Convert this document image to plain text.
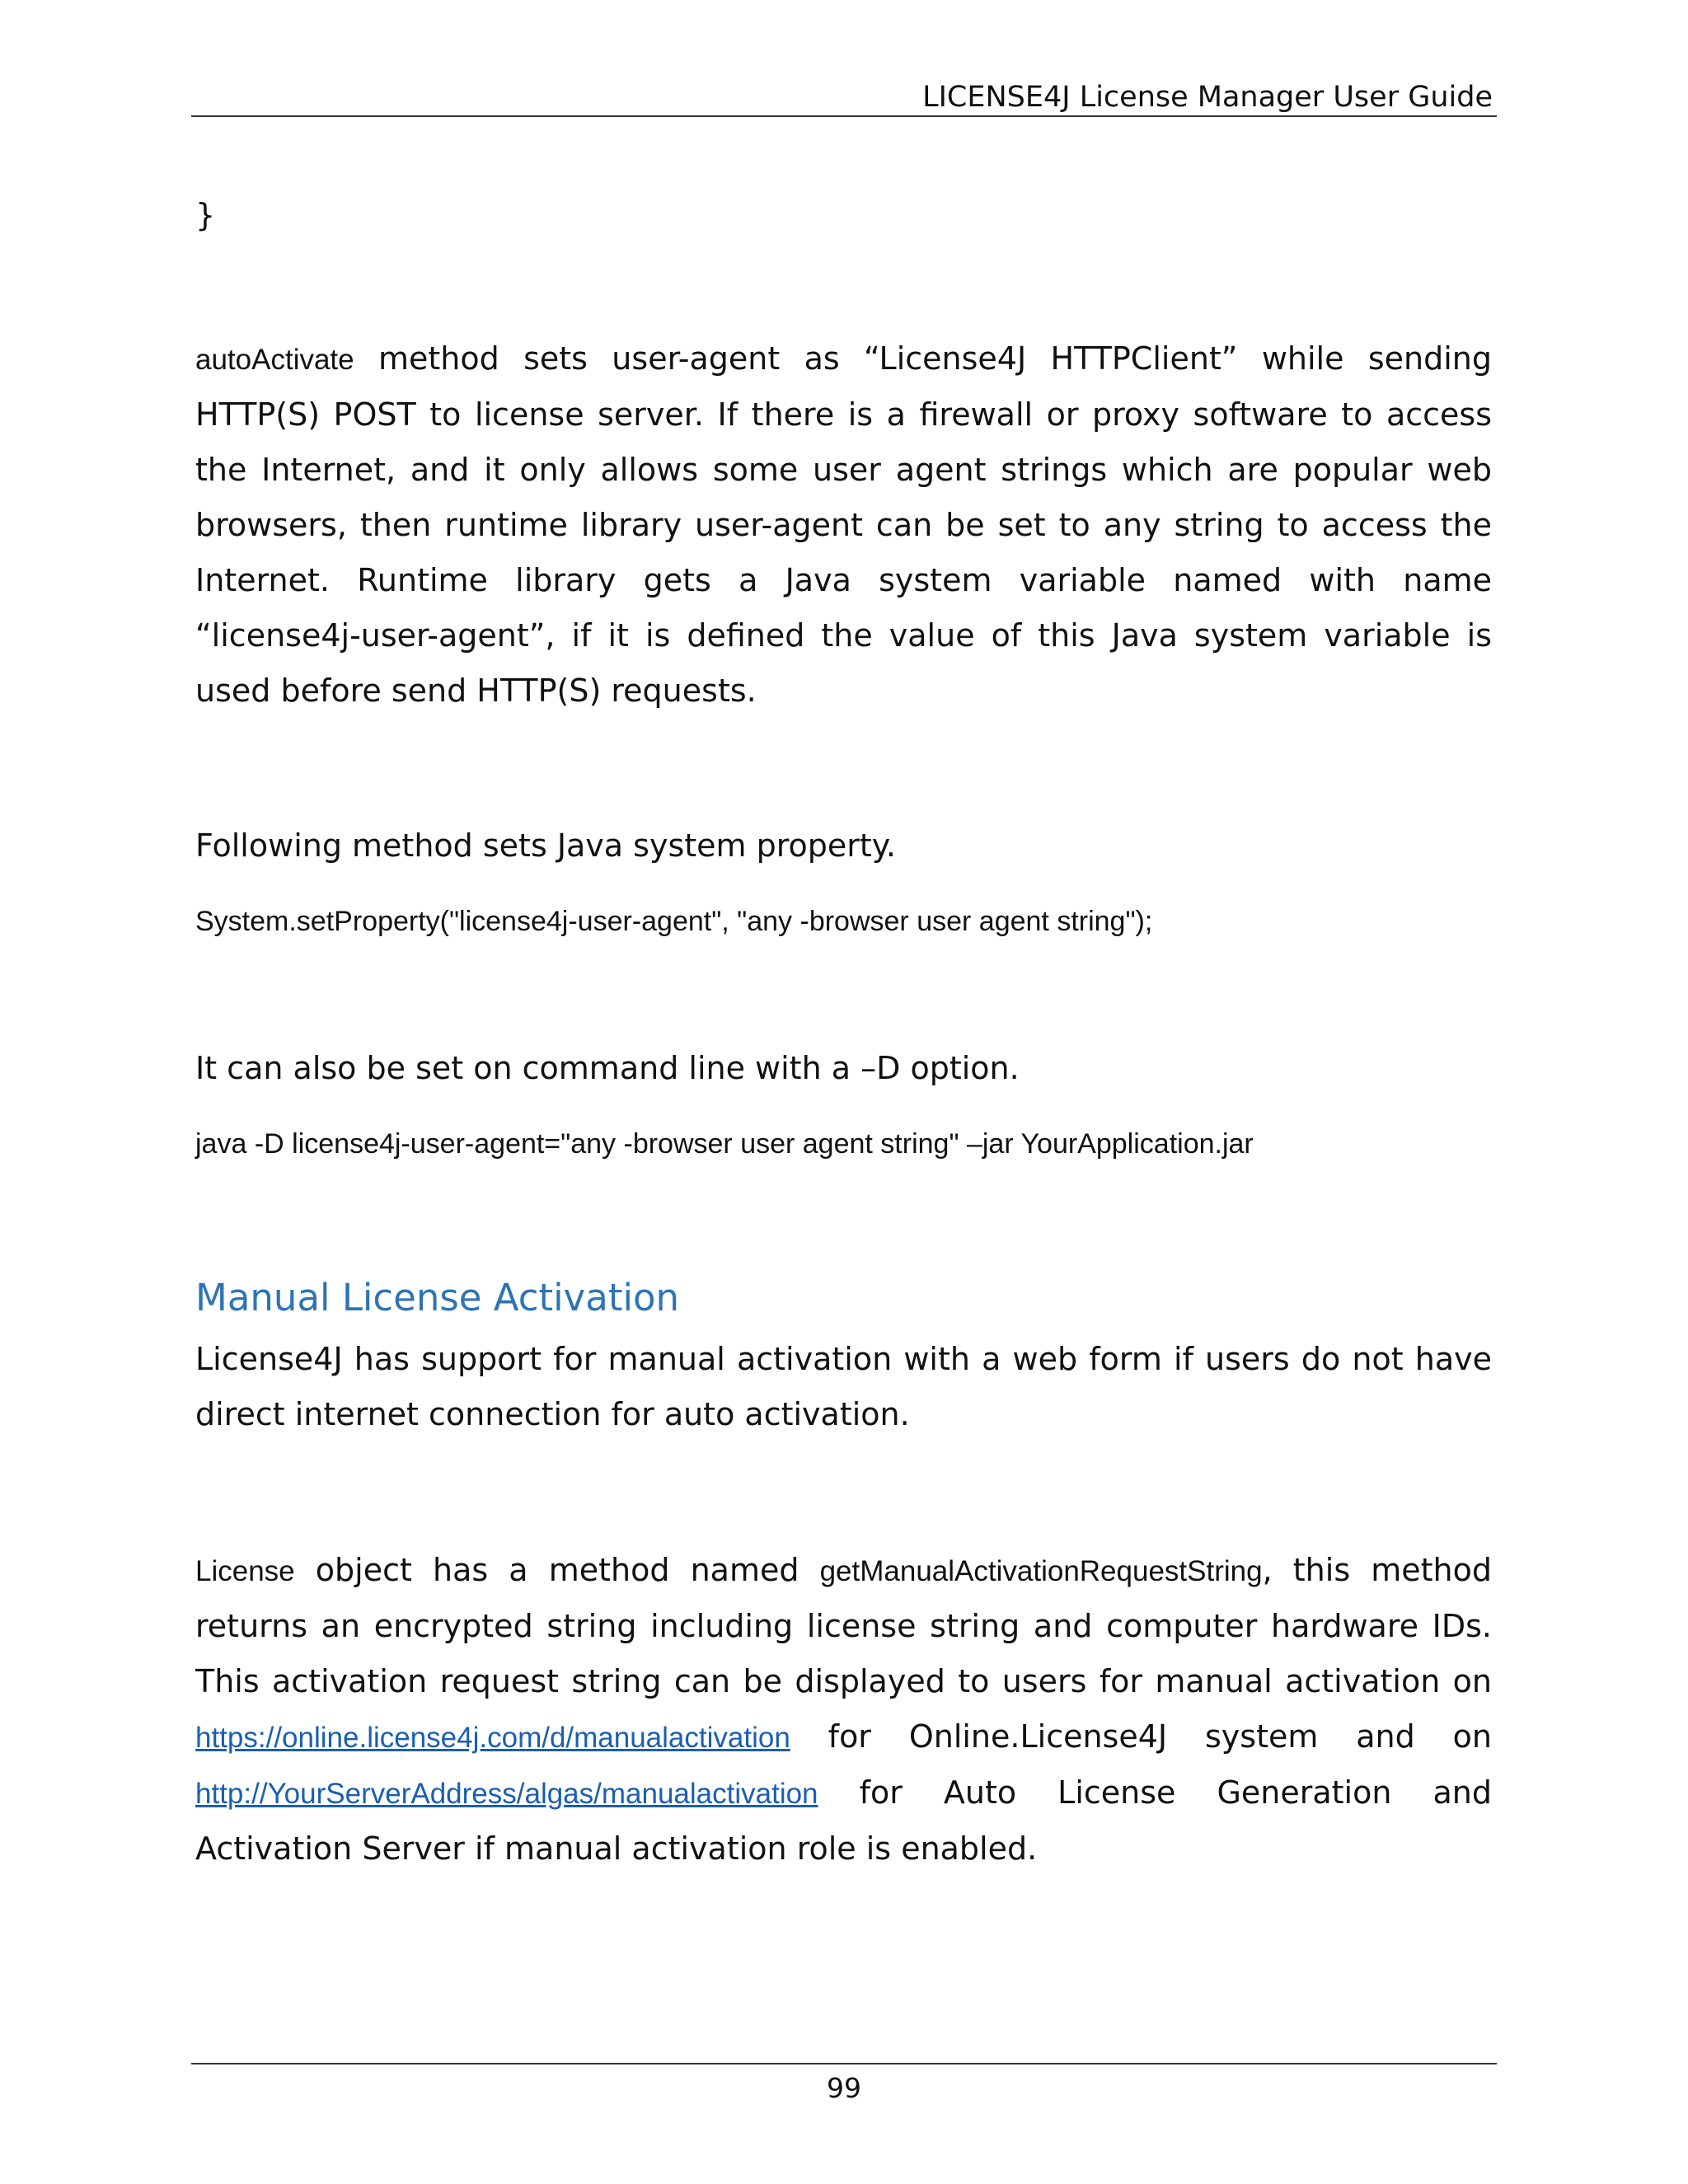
LICENSE4J License Manager User Guide
}

autoActivate method sets user-agent as “License4J HTTPClient” while sending HTTP(S) POST to license server. If there is a firewall or proxy software to access the Internet, and it only allows some user agent strings which are popular web browsers, then runtime library user-agent can be set to any string to access the Internet. Runtime library gets a Java system variable named with name “license4j-user-agent”, if it is defined the value of this Java system variable is used before send HTTP(S) requests.

Following method sets Java system property.
System.setProperty("license4j-user-agent", "any -browser user agent string");
It can also be set on command line with a –D option.
java -D license4j-user-agent="any -browser user agent string" –jar YourApplication.jar
Manual License Activation

License4J has support for manual activation with a web form if users do not have direct internet connection for auto activation.

License object has a method named getManualActivationRequestString, this method returns an encrypted string including license string and computer hardware IDs. This activation request string can be displayed to users for manual activation on https://online.license4j.com/d/manualactivation for Online.License4J system and on http://YourServerAddress/algas/manualactivation for Auto License Generation and Activation Server if manual activation role is enabled.

99
